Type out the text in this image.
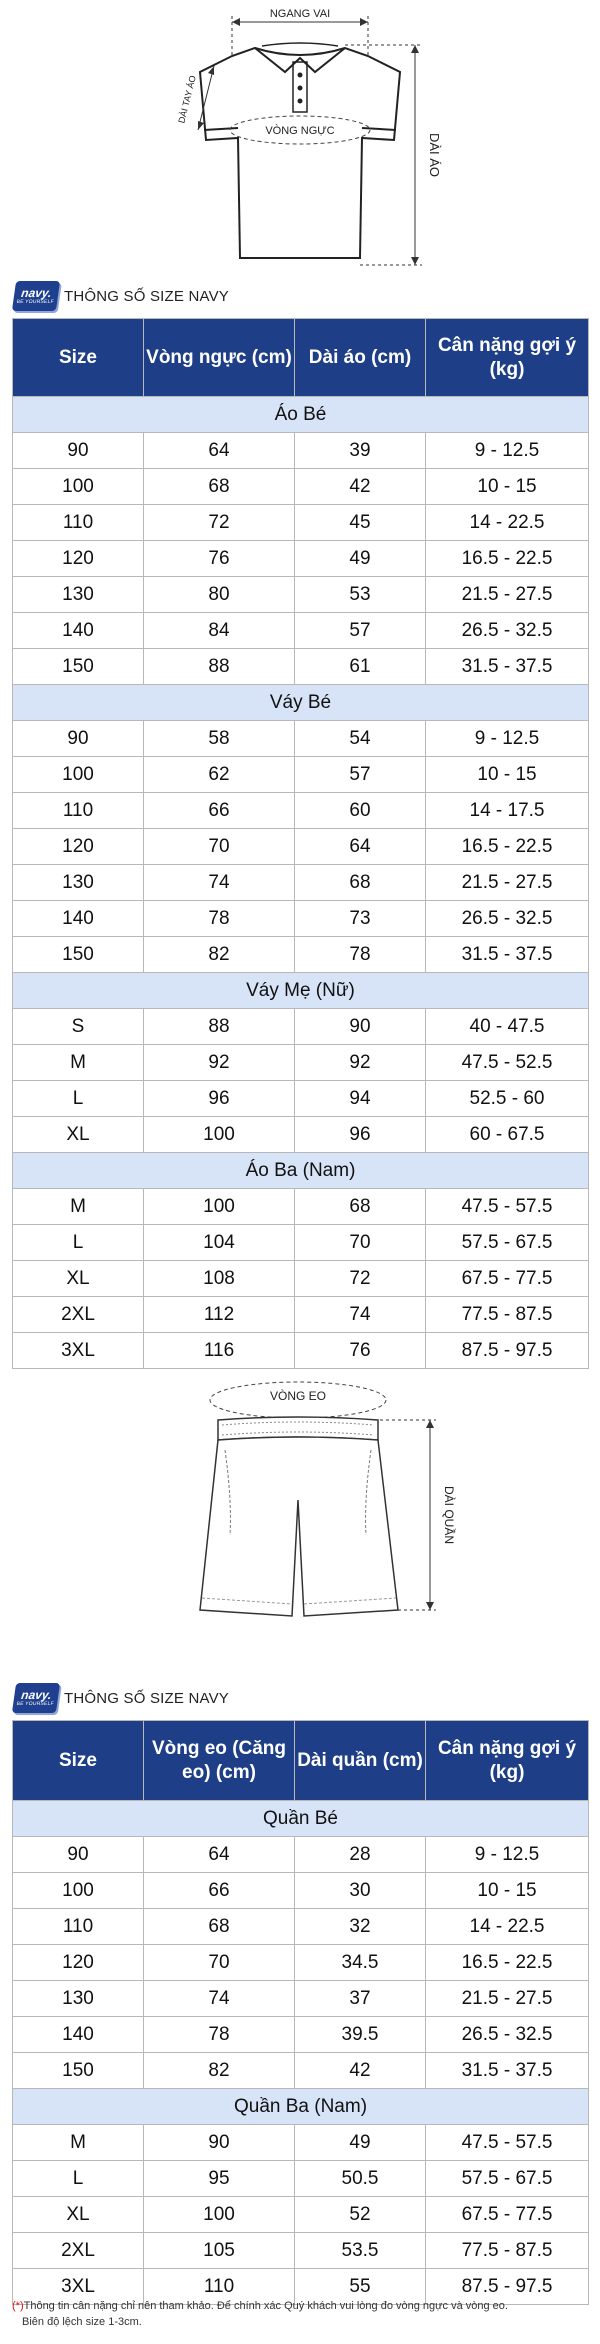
NGANG VAI
VÒNG NGỰC
DÀI TAY ÁO
DÀI ÁO
navy.
BE YOURSELF THÔNG SỐ SIZE NAVY
Size	Vòng ngực (cm)	Dài áo (cm)	Cân nặng gợi ý (kg)
Áo Bé			
90	64	39	9 - 12.5
100	68	42	10 - 15
110	72	45	14 - 22.5
120	76	49	16.5 - 22.5
130	80	53	21.5 - 27.5
140	84	57	26.5 - 32.5
150	88	61	31.5 - 37.5
Váy Bé			
90	58	54	9 - 12.5
100	62	57	10 - 15
110	66	60	14 - 17.5
120	70	64	16.5 - 22.5
130	74	68	21.5 - 27.5
140	78	73	26.5 - 32.5
150	82	78	31.5 - 37.5
Váy Mẹ (Nữ)			
S	88	90	40 - 47.5
M	92	92	47.5 - 52.5
L	96	94	52.5 - 60
XL	100	96	60 - 67.5
Áo Ba (Nam)			
M	100	68	47.5 - 57.5
L	104	70	57.5 - 67.5
XL	108	72	67.5 - 77.5
2XL	112	74	77.5 - 87.5
3XL	116	76	87.5 - 97.5
VÒNG EO
DÀI QUẦN
navy.
BE YOURSELF THÔNG SỐ SIZE NAVY
Size	Vòng eo (Căng eo) (cm)	Dài quần (cm)	Cân nặng gợi ý (kg)
Quần Bé			
90	64	28	9 - 12.5
100	66	30	10 - 15
110	68	32	14 - 22.5
120	70	34.5	16.5 - 22.5
130	74	37	21.5 - 27.5
140	78	39.5	26.5 - 32.5
150	82	42	31.5 - 37.5
Quần Ba (Nam)			
M	90	49	47.5 - 57.5
L	95	50.5	57.5 - 67.5
XL	100	52	67.5 - 77.5
2XL	105	53.5	77.5 - 87.5
3XL	110	55	87.5 - 97.5
(*)Thông tin cân nặng chỉ nên tham khảo. Để chính xác Quý khách vui lòng đo vòng ngực và vòng eo.
Biên độ lệch size 1-3cm.
